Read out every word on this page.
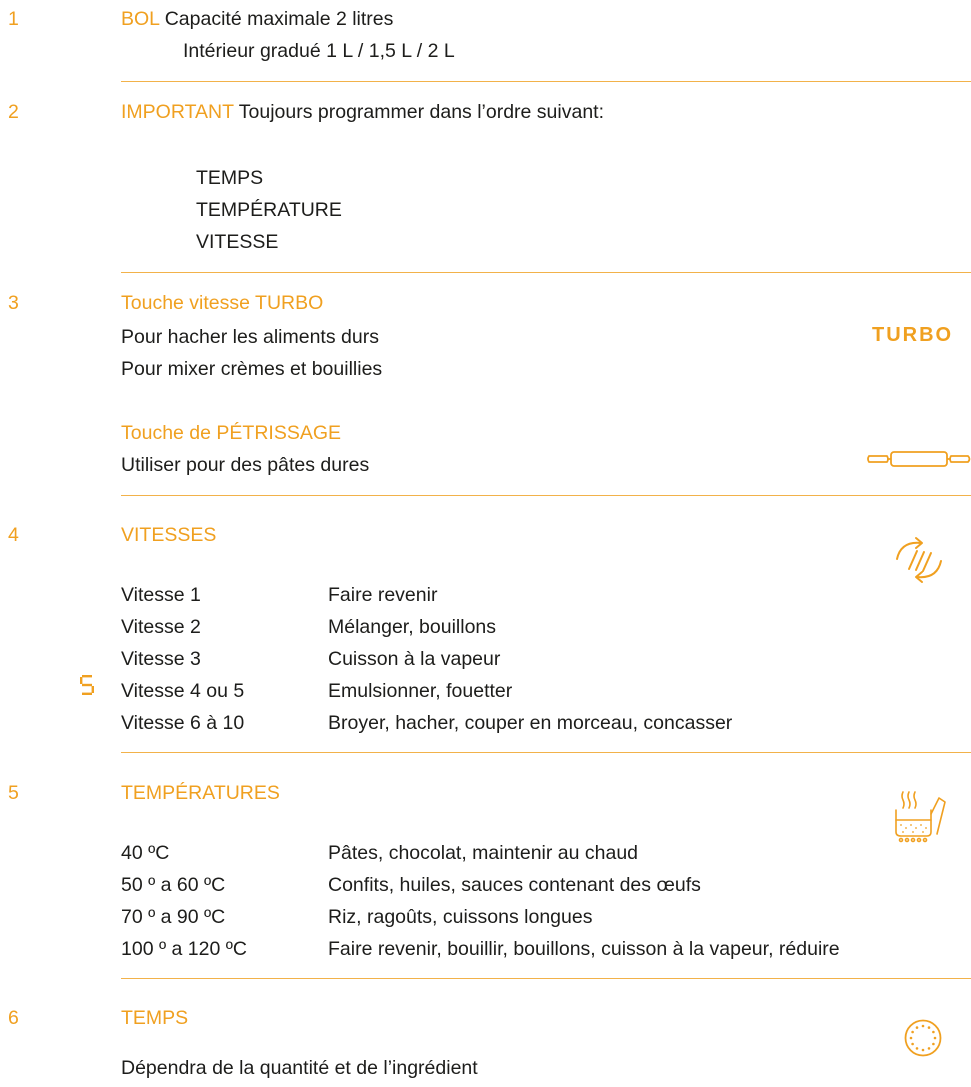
1	BOL Capacité maximale 2 litres
Intérieur gradué 1 L / 1,5 L / 2 L
2	IMPORTANT Toujours programmer dans l’ordre suivant:
TEMPS
TEMPÉRATURE
VITESSE
3	Touche vitesse TURBO
Pour hacher les aliments durs
Pour mixer crèmes et bouillies
TURBO
Touche de PÉTRISSAGE
Utiliser pour des pâtes dures
4	VITESSES
Vitesse 1	Faire revenir
Vitesse 2	Mélanger, bouillons
Vitesse 3	Cuisson à la vapeur
Vitesse 4 ou 5	Emulsionner, fouetter
Vitesse 6 à 10	Broyer, hacher, couper en morceau, concasser
5	TEMPÉRATURES
40 ºC	Pâtes, chocolat, maintenir au chaud
50 º a 60 ºC	Confits, huiles, sauces contenant des œufs
70 º a 90 ºC	Riz, ragoûts, cuissons longues
100 º a 120 ºC	Faire revenir, bouillir, bouillons, cuisson à la vapeur, réduire
6	TEMPS
Dépendra de la quantité et de l’ingrédient
